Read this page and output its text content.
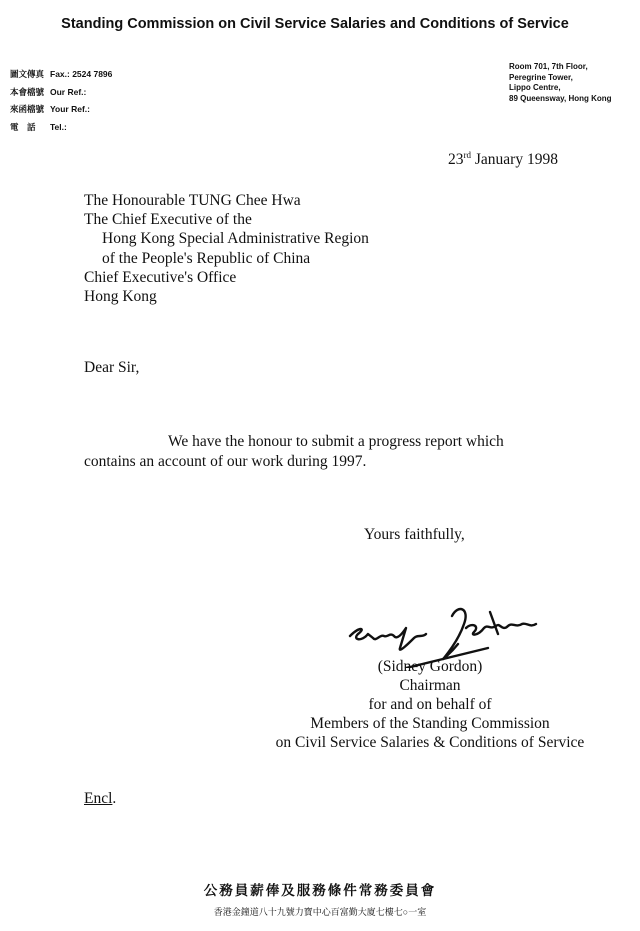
Standing Commission on Civil Service Salaries and Conditions of Service
圖文傳真 Fax.: 2524 7896
本會檔號 Our Ref.:
來函檔號 Your Ref.:
電　話 Tel.:
Room 701, 7th Floor,
Peregrine Tower,
Lippo Centre,
89 Queensway, Hong Kong
23rd January 1998
The Honourable TUNG Chee Hwa
The Chief Executive of the
Hong Kong Special Administrative Region
of the People's Republic of China
Chief Executive's Office
Hong Kong
Dear Sir,
We have the honour to submit a progress report which
contains an account of our work during 1997.
Yours faithfully,
(Sidney Gordon)
Chairman
for and on behalf of
Members of the Standing Commission
on Civil Service Salaries & Conditions of Service
Encl.
公務員薪俸及服務條件常務委員會
香港金鐘道八十九號力寶中心百富勤大廈七樓七○一室
